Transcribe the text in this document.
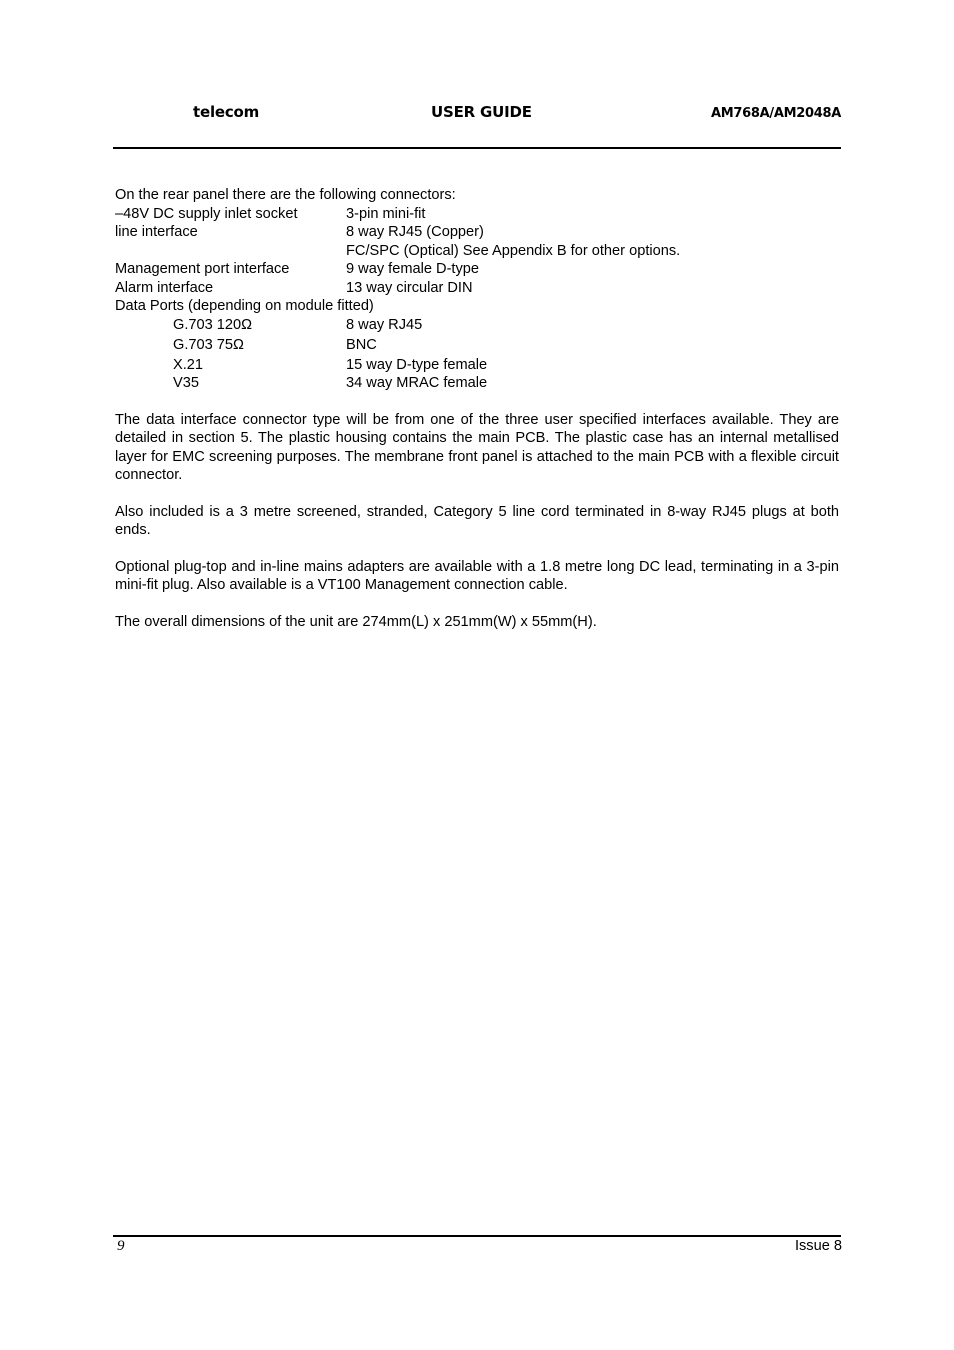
telecom	USER GUIDE	AM768A/AM2048A

On the rear panel there are the following connectors:

–48V DC supply inlet socket	3-pin mini-fit
line interface	8 way RJ45 (Copper)
FC/SPC (Optical) See Appendix B for other options.
Management port interface	9 way female D-type
Alarm interface	13 way circular DIN
Data Ports (depending on module fitted)
G.703 120Ω	8 way RJ45
G.703 75Ω	BNC
X.21	15 way D-type female
V35	34 way MRAC female

The data interface connector type will be from one of the three user specified interfaces available. They are detailed in section 5. The plastic housing contains the main PCB. The plastic case has an internal metallised layer for EMC screening purposes. The membrane front panel is attached to the main PCB with a flexible circuit connector.

Also included is a 3 metre screened, stranded, Category 5 line cord terminated in 8-way RJ45 plugs at both ends.

Optional plug-top and in-line mains adapters are available with a 1.8 metre long DC lead, terminating in a 3-pin mini-fit plug. Also available is a VT100 Management connection cable.

The overall dimensions of the unit are 274mm(L) x 251mm(W) x 55mm(H).

9	Issue 8
